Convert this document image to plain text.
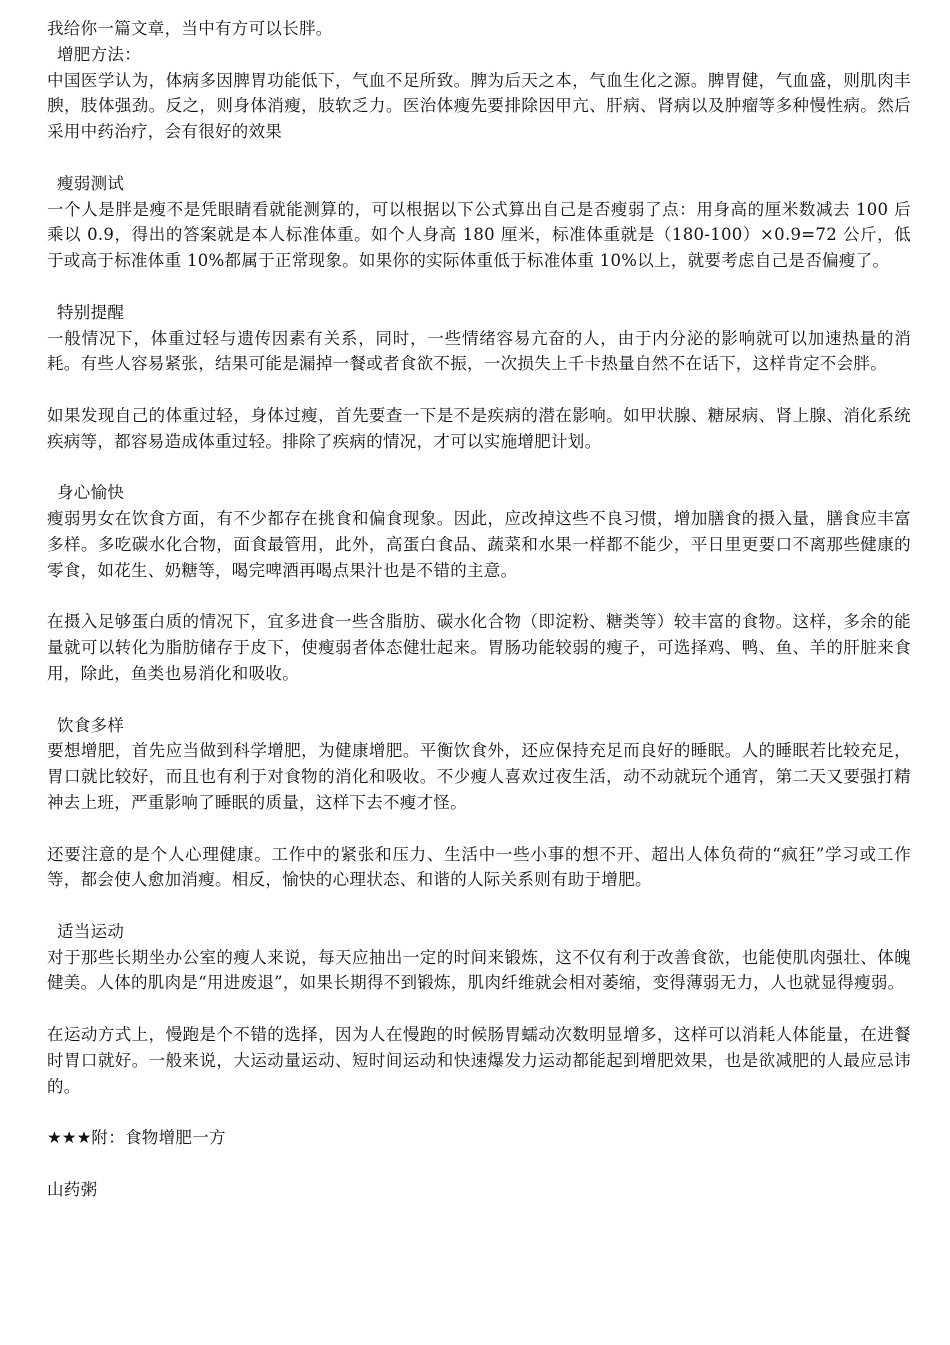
我给你一篇文章，当中有方可以长胖。

增肥方法：

中国医学认为，体病多因脾胃功能低下，气血不足所致。脾为后天之本，气血生化之源。脾胃健，气血盛，则肌肉丰腴，肢体强劲。反之，则身体消瘦，肢软乏力。医治体瘦先要排除因甲亢、肝病、肾病以及肿瘤等多种慢性病。然后采用中药治疗，会有很好的效果

瘦弱测试

一个人是胖是瘦不是凭眼睛看就能测算的，可以根据以下公式算出自己是否瘦弱了点：用身高的厘米数减去 100 后乘以 0.9，得出的答案就是本人标准体重。如个人身高 180 厘米，标准体重就是（180-100）×0.9=72 公斤，低于或高于标准体重 10%都属于正常现象。如果你的实际体重低于标准体重 10%以上，就要考虑自己是否偏瘦了。

特别提醒

一般情况下，体重过轻与遗传因素有关系，同时，一些情绪容易亢奋的人，由于内分泌的影响就可以加速热量的消耗。有些人容易紧张，结果可能是漏掉一餐或者食欲不振，一次损失上千卡热量自然不在话下，这样肯定不会胖。

如果发现自己的体重过轻，身体过瘦，首先要查一下是不是疾病的潜在影响。如甲状腺、糖尿病、肾上腺、消化系统疾病等，都容易造成体重过轻。排除了疾病的情况，才可以实施增肥计划。

身心愉快

瘦弱男女在饮食方面，有不少都存在挑食和偏食现象。因此，应改掉这些不良习惯，增加膳食的摄入量，膳食应丰富多样。多吃碳水化合物，面食最管用，此外，高蛋白食品、蔬菜和水果一样都不能少，平日里更要口不离那些健康的零食，如花生、奶糖等，喝完啤酒再喝点果汁也是不错的主意。

在摄入足够蛋白质的情况下，宜多进食一些含脂肪、碳水化合物（即淀粉、糖类等）较丰富的食物。这样，多余的能量就可以转化为脂肪储存于皮下，使瘦弱者体态健壮起来。胃肠功能较弱的瘦子，可选择鸡、鸭、鱼、羊的肝脏来食用，除此，鱼类也易消化和吸收。

饮食多样

要想增肥，首先应当做到科学增肥，为健康增肥。平衡饮食外，还应保持充足而良好的睡眠。人的睡眠若比较充足，胃口就比较好，而且也有利于对食物的消化和吸收。不少瘦人喜欢过夜生活，动不动就玩个通宵，第二天又要强打精神去上班，严重影响了睡眠的质量，这样下去不瘦才怪。

还要注意的是个人心理健康。工作中的紧张和压力、生活中一些小事的想不开、超出人体负荷的“疯狂”学习或工作等，都会使人愈加消瘦。相反，愉快的心理状态、和谐的人际关系则有助于增肥。

适当运动

对于那些长期坐办公室的瘦人来说，每天应抽出一定的时间来锻炼，这不仅有利于改善食欲，也能使肌肉强壮、体魄健美。人体的肌肉是“用进废退”，如果长期得不到锻炼，肌肉纤维就会相对萎缩，变得薄弱无力，人也就显得瘦弱。

在运动方式上，慢跑是个不错的选择，因为人在慢跑的时候肠胃蠕动次数明显增多，这样可以消耗人体能量，在进餐时胃口就好。一般来说，大运动量运动、短时间运动和快速爆发力运动都能起到增肥效果，也是欲减肥的人最应忌讳的。

★★★附：食物增肥一方

山药粥
